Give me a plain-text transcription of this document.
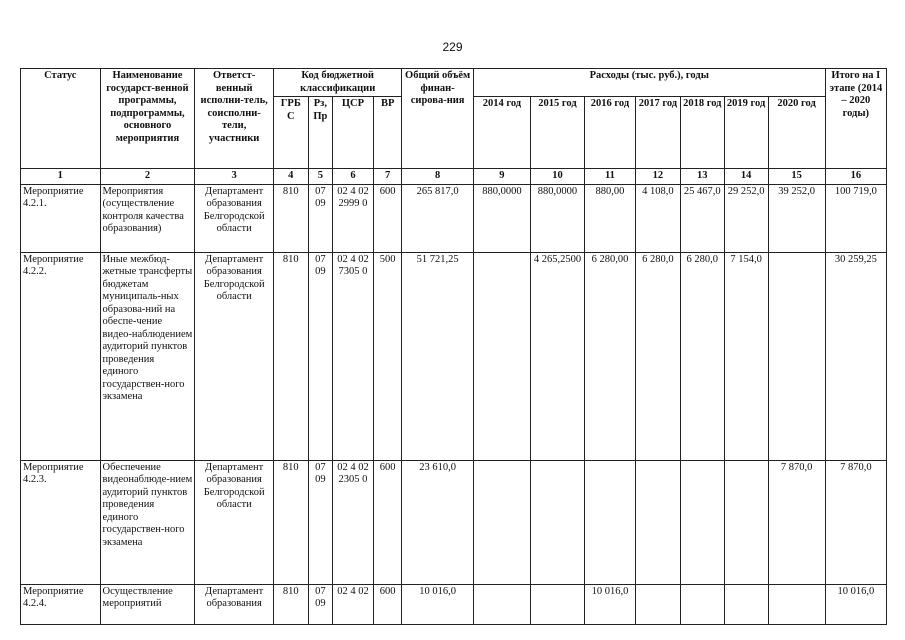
229
Статус	Наименование государст-венной программы, подпрограммы, основного мероприятия	Ответст-венный исполни-тель, соисполни-тели, участники	Код бюджетной классификации				Общий объём финан-сирова-ния	Расходы (тыс. руб.), годы							Итого на I этапе (2014 – 2020 годы)
			ГРБ С	Рз, Пр	ЦСР	ВР		2014 год	2015 год	2016 год	2017 год	2018 год	2019 год	2020 год	

1	2	3	4	5	6	7	8	9	10	11	12	13	14	15	16
Мероприятие 4.2.1.	Мероприятия (осуществление контроля качества образования)	Департамент образования Белгородской области	810	07 09	02 4 02 2999 0	600	265 817,0	880,0000	880,0000	880,00	4 108,0	25 467,0	29 252,0	39 252,0	100 719,0
Мероприятие 4.2.2.	Иные межбюд-жетные трансферты бюджетам муниципаль-ных образова-ний на обеспе-чение видео-наблюдением аудиторий пунктов проведения единого государствен-ного экзамена	Департамент образования Белгородской области	810	07 09	02 4 02 7305 0	500	51 721,25		4 265,2500	6 280,00	6 280,0	6 280,0	7 154,0		30 259,25
Мероприятие 4.2.3.	Обеспечение видеонаблюде-нием аудиторий пунктов проведения единого государствен-ного экзамена	Департамент образования Белгородской области	810	07 09	02 4 02 2305 0	600	23 610,0							7 870,0	7 870,0
Мероприятие 4.2.4.	Осуществление мероприятий	Департамент образования	810	07 09	02 4 02	600	10 016,0			10 016,0					10 016,0
